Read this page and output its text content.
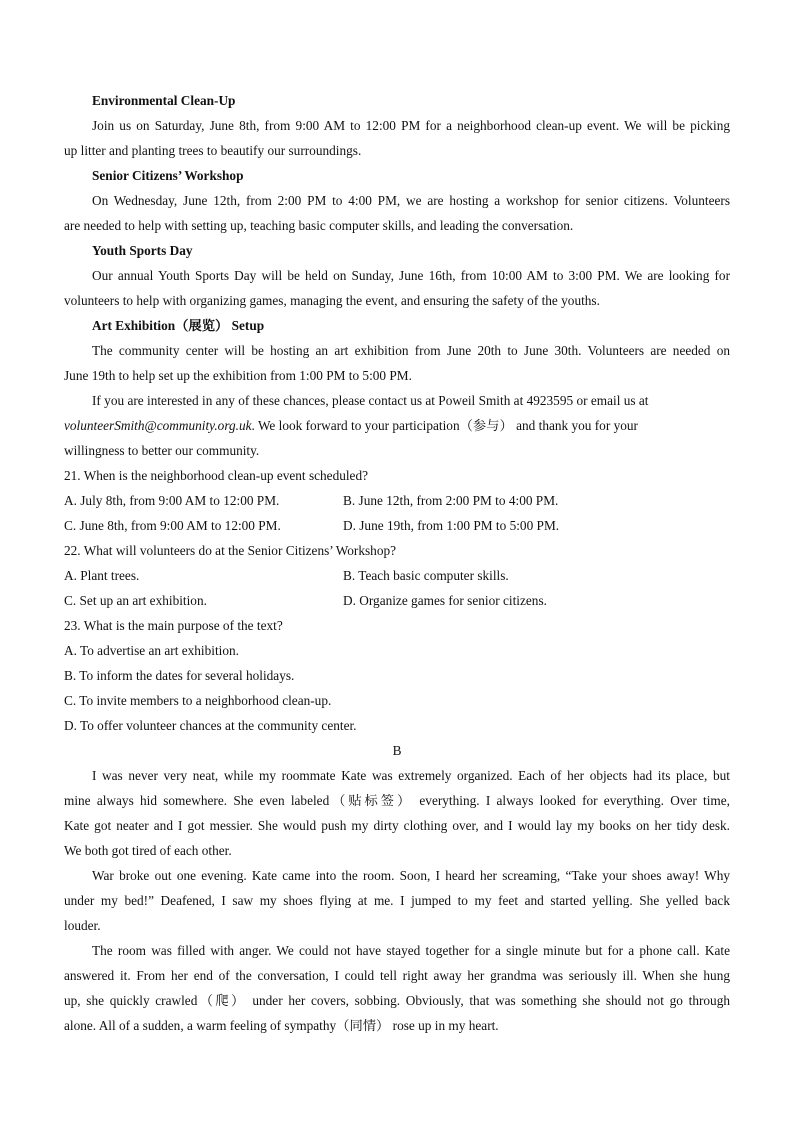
Environmental Clean-Up
Join us on Saturday, June 8th, from 9:00 AM to 12:00 PM for a neighborhood clean-up event. We will be picking
up litter and planting trees to beautify our surroundings.
Senior Citizens’ Workshop
On Wednesday, June 12th, from 2:00 PM to 4:00 PM, we are hosting a workshop for senior citizens. Volunteers
are needed to help with setting up, teaching basic computer skills, and leading the conversation.
Youth Sports Day
Our annual Youth Sports Day will be held on Sunday, June 16th, from 10:00 AM to 3:00 PM. We are looking for
volunteers to help with organizing games, managing the event, and ensuring the safety of the youths.
Art Exhibition（展览） Setup
The community center will be hosting an art exhibition from June 20th to June 30th. Volunteers are needed on
June 19th to help set up the exhibition from 1:00 PM to 5:00 PM.
If you are interested in any of these chances, please contact us at Poweil Smith at 4923595 or email us at
volunteerSmith@community.org.uk. We look forward to your participation（参与） and thank you for your
willingness to better our community.
21. When is the neighborhood clean-up event scheduled?
A. July 8th, from 9:00 AM to 12:00 PM.	B. June 12th, from 2:00 PM to 4:00 PM.
C. June 8th, from 9:00 AM to 12:00 PM.	D. June 19th, from 1:00 PM to 5:00 PM.
22. What will volunteers do at the Senior Citizens’ Workshop?
A. Plant trees.	B. Teach basic computer skills.
C. Set up an art exhibition.	D. Organize games for senior citizens.
23. What is the main purpose of the text?
A. To advertise an art exhibition.
B. To inform the dates for several holidays.
C. To invite members to a neighborhood clean-up.
D. To offer volunteer chances at the community center.
B
I was never very neat, while my roommate Kate was extremely organized. Each of her objects had its place, but
mine always hid somewhere. She even labeled（贴标签） everything. I always looked for everything. Over time,
Kate got neater and I got messier. She would push my dirty clothing over, and I would lay my books on her tidy desk.
We both got tired of each other.
War broke out one evening. Kate came into the room. Soon, I heard her screaming, “Take your shoes away! Why
under my bed!” Deafened, I saw my shoes flying at me. I jumped to my feet and started yelling. She yelled back
louder.
The room was filled with anger. We could not have stayed together for a single minute but for a phone call. Kate
answered it. From her end of the conversation, I could tell right away her grandma was seriously ill. When she hung
up, she quickly crawled（爬） under her covers, sobbing. Obviously, that was something she should not go through
alone. All of a sudden, a warm feeling of sympathy（同情） rose up in my heart.
